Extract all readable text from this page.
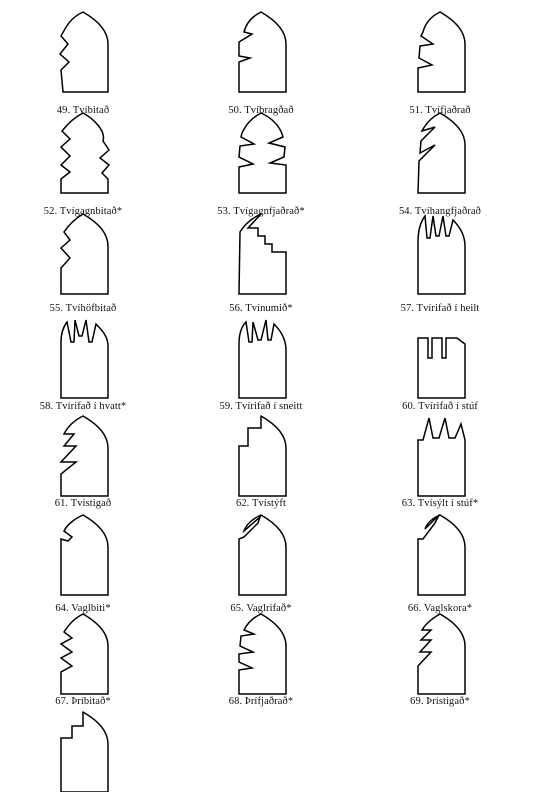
49. Tvíbitað	50. Tvíbragðað	51. Tvífjaðrað
52. Tvígagnbitað*	53. Tvígagnfjaðrað*	54. Tvíhangfjaðrað
55. Tvíhöfbitað	56. Tvínumið*	57. Tvírifað í heilt
58. Tvírifað í hvatt*	59. Tvírifað í sneitt	60. Tvírifað í stúf
61. Tvístigað	62. Tvístýft	63. Tvísýlt í stúf*
64. Vaglbiti*	65. Vaglrifað*	66. Vaglskora*
67. Þríbitað*	68. Þrífjaðrað*	69. Þrístigað*
